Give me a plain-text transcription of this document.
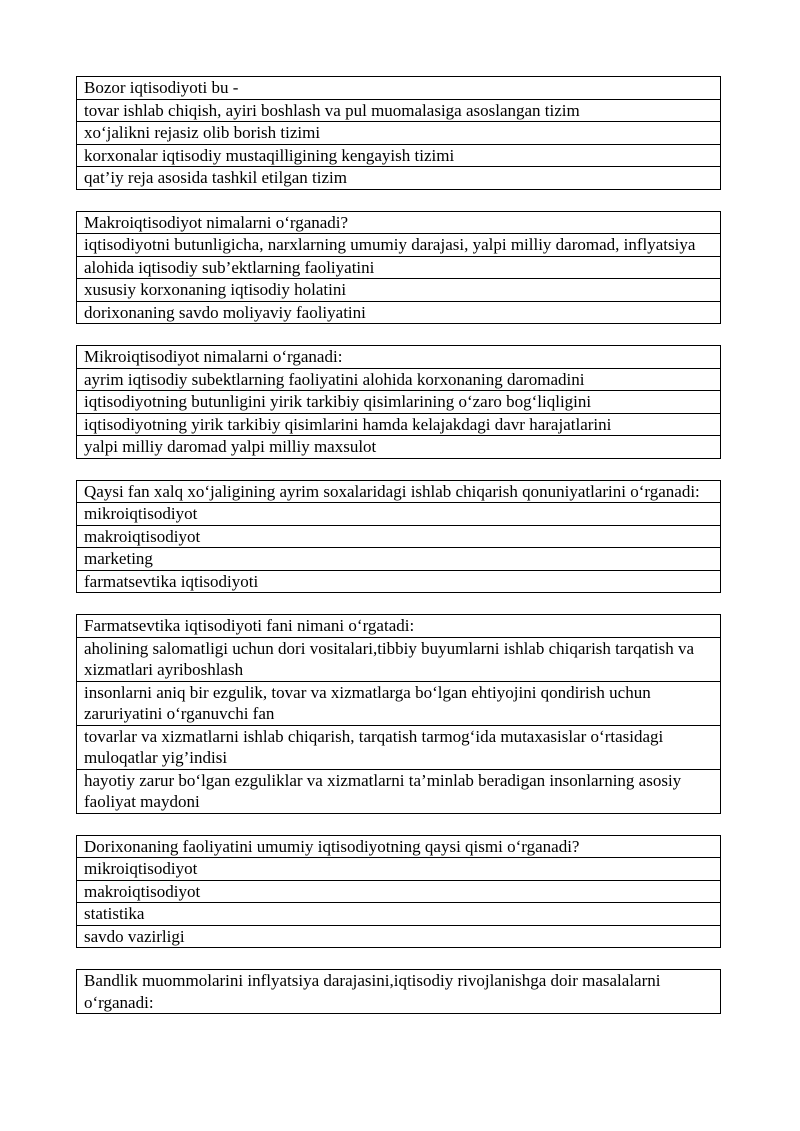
Bozor iqtisodiyoti bu -
tovar ishlab chiqish, ayiri boshlash va pul muomalasiga asoslangan tizim
xo‘jalikni rejasiz olib borish tizimi
korxonalar iqtisodiy mustaqilligining kengayish tizimi
qat’iy reja asosida tashkil etilgan tizim
Makroiqtisodiyot nimalarni o‘rganadi?
iqtisodiyotni butunligicha, narxlarning umumiy darajasi, yalpi milliy daromad, inflyatsiya
alohida iqtisodiy sub’ektlarning faoliyatini
xususiy korxonaning iqtisodiy holatini
dorixonaning savdo moliyaviy faoliyatini
Mikroiqtisodiyot nimalarni o‘rganadi:
ayrim iqtisodiy subektlarning faoliyatini alohida korxonaning daromadini
iqtisodiyotning butunligini yirik tarkibiy qisimlarining o‘zaro bog‘liqligini
iqtisodiyotning yirik tarkibiy qisimlarini hamda kelajakdagi davr harajatlarini
yalpi milliy daromad yalpi milliy maxsulot
Qaysi fan xalq xo‘jaligining ayrim soxalaridagi ishlab chiqarish qonuniyatlarini o‘rganadi:
mikroiqtisodiyot
makroiqtisodiyot
marketing
farmatsevtika iqtisodiyoti
Farmatsevtika iqtisodiyoti fani nimani o‘rgatadi:
aholining salomatligi uchun dori vositalari,tibbiy buyumlarni ishlab chiqarish tarqatish va xizmatlari ayriboshlash
insonlarni aniq bir ezgulik, tovar va xizmatlarga bo‘lgan ehtiyojini qondirish uchun zaruriyatini o‘rganuvchi fan
tovarlar va xizmatlarni ishlab chiqarish, tarqatish tarmog‘ida mutaxasislar o‘rtasidagi muloqatlar yig’indisi
hayotiy zarur bo‘lgan ezguliklar va xizmatlarni ta’minlab beradigan insonlarning asosiy faoliyat maydoni
Dorixonaning faoliyatini umumiy iqtisodiyotning qaysi qismi o‘rganadi?
mikroiqtisodiyot
makroiqtisodiyot
statistika
savdo vazirligi
Bandlik muommolarini inflyatsiya darajasini,iqtisodiy rivojlanishga doir masalalarni o‘rganadi:
